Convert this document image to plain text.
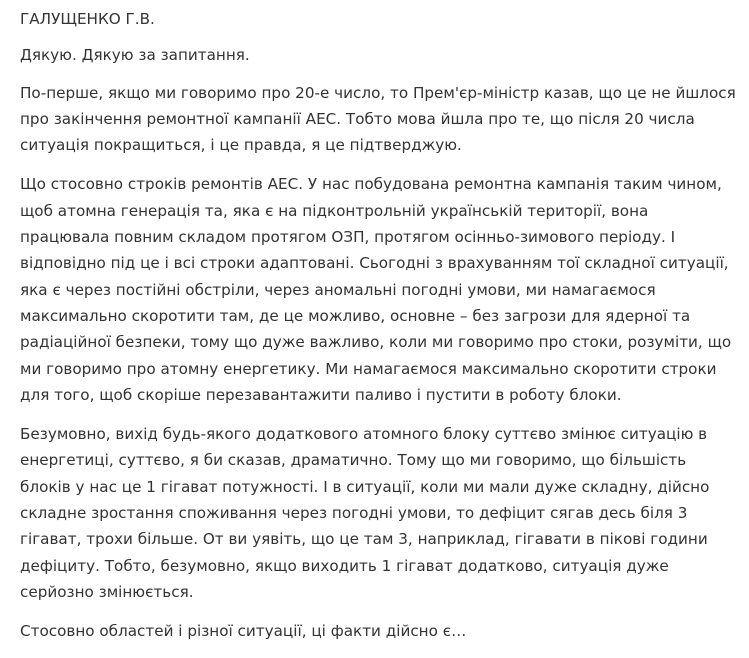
ГАЛУЩЕНКО Г.В.

Дякую. Дякую за запитання.

По-перше, якщо ми говоримо про 20-е число, то Прем'єр-міністр казав, що це не йшлося про закінчення ремонтної кампанії АЕС. Тобто мова йшла про те, що після 20 числа ситуація покращиться, і це правда, я це підтверджую.

Що стосовно строків ремонтів АЕС. У нас побудована ремонтна кампанія таким чином, щоб атомна генерація та, яка є на підконтрольній українській території, вона працювала повним складом протягом ОЗП, протягом осінньо-зимового періоду. І відповідно під це і всі строки адаптовані. Сьогодні з врахуванням тої складної ситуації, яка є через постійні обстріли, через аномальні погодні умови, ми намагаємося максимально скоротити там, де це можливо, основне – без загрози для ядерної та радіаційної безпеки, тому що дуже важливо, коли ми говоримо про стоки, розуміти, що ми говоримо про атомну енергетику. Ми намагаємося максимально скоротити строки для того, щоб скоріше перезавантажити паливо і пустити в роботу блоки.

Безумовно, вихід будь-якого додаткового атомного блоку суттєво змінює ситуацію в енергетиці, суттєво, я би сказав, драматично. Тому що ми говоримо, що більшість блоків у нас це 1 гігават потужності. І в ситуації, коли ми мали дуже складну, дійсно складне зростання споживання через погодні умови, то дефіцит сягав десь біля 3 гігават, трохи більше. От ви уявіть, що це там 3, наприклад, гігавати в пікові години дефіциту. Тобто, безумовно, якщо виходить 1 гігават додатково, ситуація дуже серйозно змінюється.

Стосовно областей і різної ситуації, ці факти дійсно є…
